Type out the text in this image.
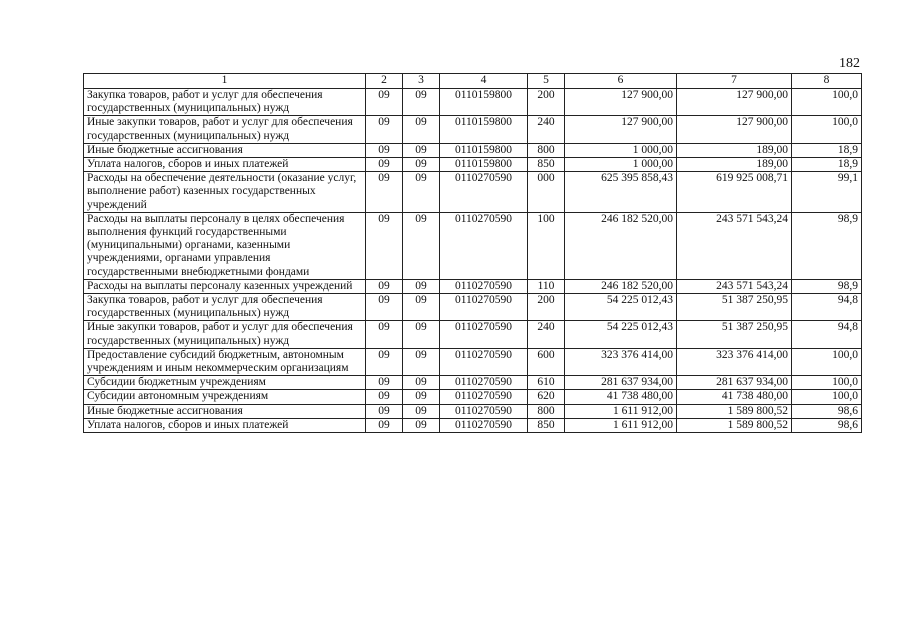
182
1	2	3	4	5	6	7	8
Закупка товаров, работ и услуг для обеспечения государственных (муниципальных) нужд	09	09	0110159800	200	127 900,00	127 900,00	100,0
Иные закупки товаров, работ и услуг для обеспечения государственных (муниципальных) нужд	09	09	0110159800	240	127 900,00	127 900,00	100,0
Иные бюджетные ассигнования	09	09	0110159800	800	1 000,00	189,00	18,9
Уплата налогов, сборов и иных платежей	09	09	0110159800	850	1 000,00	189,00	18,9
Расходы на обеспечение деятельности (оказание услуг, выполнение работ) казенных государственных учреждений	09	09	0110270590	000	625 395 858,43	619 925 008,71	99,1
Расходы на выплаты персоналу в целях обеспечения выполнения функций государственными (муниципальными) органами, казенными учреждениями, органами управления государственными внебюджетными фондами	09	09	0110270590	100	246 182 520,00	243 571 543,24	98,9
Расходы на выплаты персоналу казенных учреждений	09	09	0110270590	110	246 182 520,00	243 571 543,24	98,9
Закупка товаров, работ и услуг для обеспечения государственных (муниципальных) нужд	09	09	0110270590	200	54 225 012,43	51 387 250,95	94,8
Иные закупки товаров, работ и услуг для обеспечения государственных (муниципальных) нужд	09	09	0110270590	240	54 225 012,43	51 387 250,95	94,8
Предоставление субсидий бюджетным, автономным учреждениям и иным некоммерческим организациям	09	09	0110270590	600	323 376 414,00	323 376 414,00	100,0
Субсидии бюджетным учреждениям	09	09	0110270590	610	281 637 934,00	281 637 934,00	100,0
Субсидии автономным учреждениям	09	09	0110270590	620	41 738 480,00	41 738 480,00	100,0
Иные бюджетные ассигнования	09	09	0110270590	800	1 611 912,00	1 589 800,52	98,6
Уплата налогов, сборов и иных платежей	09	09	0110270590	850	1 611 912,00	1 589 800,52	98,6
